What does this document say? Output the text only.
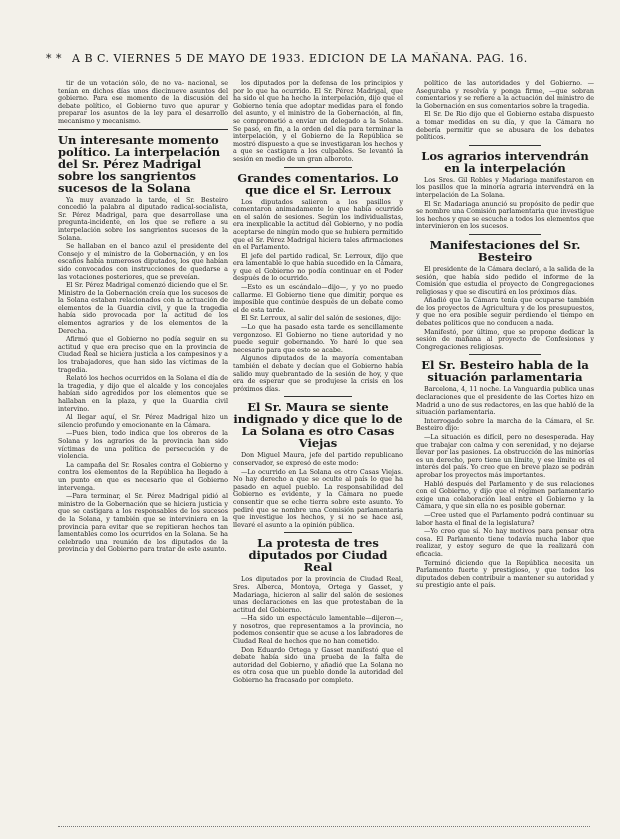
* * A B C. VIERNES 5 DE MAYO DE 1933. EDICION DE LA MAÑANA. PAG. 16.

tir de un votación sólo, de no va- nacional, se tenían en dichos días unos diecinueve asuntos del gobierno. Para ese momento de la discusión del debate político, el Gobierno tuvo que apurar y preparar los asuntos de la ley para el desarrollo mecanismo y mecanismo.

Un interesante momento político. La interpelación del Sr. Pérez Madrigal sobre los sangrientos sucesos de la Solana

Ya muy avanzado la tarde, el Sr. Besteiro concedió la palabra al diputado radical-socialista, Sr. Pérez Madrigal, para que desarrollase una pregunta-incidente, en los que se refiere a su interpelación sobre los sangrientos sucesos de la Solana.

Se hallaban en el banco azul el presidente del Consejo y el ministro de la Gobernación, y en los escaños había numerosos diputados, los que habían sido convocados con instrucciones de quedarse a las votaciones posteriores, que se preveían.

El Sr. Pérez Madrigal comenzó diciendo que el Sr. Ministro de la Gobernación creía que los sucesos de la Solana estaban relacionados con la actuación de elementos de la Guardia civil, y que la tragedia había sido provocada por la actitud de los elementos agrarios y de los elementos de la Derecha.

Afirmó que el Gobierno no podía seguir en su actitud y que era preciso que en la provincia de Ciudad Real se hiciera justicia a los campesinos y a los trabajadores, que han sido las víctimas de la tragedia.

Relató los hechos ocurridos en la Solana el día de la tragedia, y dijo que el alcalde y los concejales habían sido agredidos por los elementos que se hallaban en la plaza, y que la Guardia civil intervino.

Al llegar aquí, el Sr. Pérez Madrigal hizo un silencio profundo y emocionante en la Cámara.

—Pues bien, todo indica que los obreros de la Solana y los agrarios de la provincia han sido víctimas de una política de persecución y de violencia.

La campaña del Sr. Rosales contra el Gobierno y contra los elementos de la República ha llegado a un punto en que es necesario que el Gobierno intervenga.

—Para terminar, el Sr. Pérez Madrigal pidió al ministro de la Gobernación que se hiciera justicia y que se castigara a los responsables de los sucesos de la Solana, y también que se interviniera en la provincia para evitar que se repitieran hechos tan lamentables como los ocurridos en la Solana. Se ha celebrado una reunión de los diputados de la provincia y del Gobierno para tratar de este asunto.

los diputados por la defensa de los principios y por lo que ha ocurrido. El Sr. Pérez Madrigal, que ha sido el que ha hecho la interpelación, dijo que el Gobierno tenía que adoptar medidas para el fondo del asunto, y el ministro de la Gobernación, al fin, se comprometió a enviar un delegado a la Solana. Se pasó, en fin, a la orden del día para terminar la interpelación, y el Gobierno de la República se mostró dispuesto a que se investigaran los hechos y a que se castigara a los culpables. Se levantó la sesión en medio de un gran alboroto.

Grandes comentarios. Lo que dice el Sr. Lerroux

Los diputados salieron a los pasillos y comentaron animadamente lo que había ocurrido en el salón de sesiones. Según los individualistas, era inexplicable la actitud del Gobierno, y no podía aceptarse de ningún modo que se hubiera permitido que el Sr. Pérez Madrigal hiciera tales afirmaciones en el Parlamento.

El jefe del partido radical, Sr. Lerroux, dijo que era lamentable lo que había sucedido en la Cámara, y que el Gobierno no podía continuar en el Poder después de lo ocurrido.

—Esto es un escándalo—dijo—, y yo no puedo callarme. El Gobierno tiene que dimitir, porque es imposible que continúe después de un debate como el de esta tarde.

El Sr. Lerroux, al salir del salón de sesiones, dijo:

—Lo que ha pasado esta tarde es sencillamente vergonzoso. El Gobierno no tiene autoridad y no puede seguir gobernando. Yo haré lo que sea necesario para que esto se acabe.

Algunos diputados de la mayoría comentaban también el debate y decían que el Gobierno había salido muy quebrantado de la sesión de hoy, y que era de esperar que se produjese la crisis en los próximos días.

El Sr. Maura se siente indignado y dice que lo de La Solana es otro Casas Viejas

Don Miguel Maura, jefe del partido republicano conservador, se expresó de este modo:

—Lo ocurrido en La Solana es otro Casas Viejas. No hay derecho a que se oculte al país lo que ha pasado en aquel pueblo. La responsabilidad del Gobierno es evidente, y la Cámara no puede consentir que se eche tierra sobre este asunto. Yo pediré que se nombre una Comisión parlamentaria que investigue los hechos, y si no se hace así, llevaré el asunto a la opinión pública.

La protesta de tres diputados por Ciudad Real

Los diputados por la provincia de Ciudad Real, Sres. Alberca, Montoya, Ortega y Gasset, y Madariaga, hicieron al salir del salón de sesiones unas declaraciones en las que protestaban de la actitud del Gobierno.

—Ha sido un espectáculo lamentable—dijeron—, y nosotros, que representamos a la provincia, no podemos consentir que se acuse a los labradores de Ciudad Real de hechos que no han cometido.

Don Eduardo Ortega y Gasset manifestó que el debate había sido una prueba de la falta de autoridad del Gobierno, y añadió que La Solana no es otra cosa que un pueblo donde la autoridad del Gobierno ha fracasado por completo.

político de las autoridades y del Gobierno. —Aseguraba y resolvía y ponga firme, —que sobran comentarios y se refiere a la actuación del ministro de la Gobernación en sus comentarios sobre la tragedia.

El Sr. De Rio dijo que el Gobierno estaba dispuesto a tomar medidas en su día, y que la Cámara no debería permitir que se abusara de los debates políticos.

Los agrarios intervendrán en la interpelación

Los Sres. Gil Robles y Madariaga manifestaron en los pasillos que la minoría agraria intervendrá en la interpelación de La Solana.

El Sr. Madariaga anunció su propósito de pedir que se nombre una Comisión parlamentaria que investigue los hechos y que se escuche a todos los elementos que intervinieron en los sucesos.

Manifestaciones del Sr. Besteiro

El presidente de la Cámara declaró, a la salida de la sesión, que había sido pedido el informe de la Comisión que estudia el proyecto de Congregaciones religiosas y que se discutirá en los próximos días.

Añadió que la Cámara tenía que ocuparse también de los proyectos de Agricultura y de los presupuestos, y que no era posible seguir perdiendo el tiempo en debates políticos que no conducen a nada.

Manifestó, por último, que se propone dedicar la sesión de mañana al proyecto de Confesiones y Congregaciones religiosas.

El Sr. Besteiro habla de la situación parlamentaria

Barcelona, 4, 11 noche. La Vanguardia publica unas declaraciones que el presidente de las Cortes hizo en Madrid a uno de sus redactores, en las que habló de la situación parlamentaria.

Interrogado sobre la marcha de la Cámara, el Sr. Besteiro dijo:

—La situación es difícil, pero no desesperada. Hay que trabajar con calma y con serenidad, y no dejarse llevar por las pasiones. La obstrucción de las minorías es un derecho, pero tiene un límite, y ese límite es el interés del país. Yo creo que en breve plazo se podrán aprobar los proyectos más importantes.

Habló después del Parlamento y de sus relaciones con el Gobierno, y dijo que el régimen parlamentario exige una colaboración leal entre el Gobierno y la Cámara, y que sin ella no es posible gobernar.

—Cree usted que el Parlamento podrá continuar su labor hasta el final de la legislatura?

—Yo creo que sí. No hay motivos para pensar otra cosa. El Parlamento tiene todavía mucha labor que realizar, y estoy seguro de que la realizará con eficacia.

Terminó diciendo que la República necesita un Parlamento fuerte y prestigioso, y que todos los diputados deben contribuir a mantener su autoridad y su prestigio ante el país.
